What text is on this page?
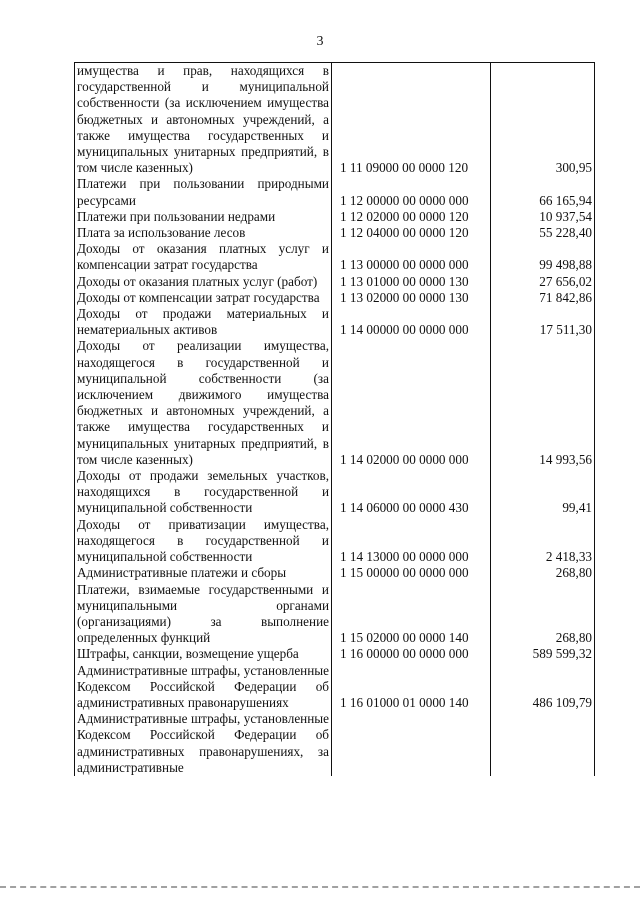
3
имущества и прав, находящихся в государственной и муниципальной собственности (за исключением имущества бюджетных и автономных учреждений, а также имущества государственных и муниципальных унитарных предприятий, в том числе казенных)	1 11 09000 00 0000 120	300,95
Платежи при пользовании природными ресурсами	1 12 00000 00 0000 000	66 165,94
Платежи при пользовании недрами	1 12 02000 00 0000 120	10 937,54
Плата за использование лесов	1 12 04000 00 0000 120	55 228,40
Доходы от оказания платных услуг и компенсации затрат государства	1 13 00000 00 0000 000	99 498,88
Доходы от оказания платных услуг (работ)	1 13 01000 00 0000 130	27 656,02
Доходы от компенсации затрат государства	1 13 02000 00 0000 130	71 842,86
Доходы от продажи материальных и нематериальных активов	1 14 00000 00 0000 000	17 511,30
Доходы от реализации имущества, находящегося в государственной и муниципальной собственности (за исключением движимого имущества бюджетных и автономных учреждений, а также имущества государственных и муниципальных унитарных предприятий, в том числе казенных)	1 14 02000 00 0000 000	14 993,56
Доходы от продажи земельных участков, находящихся в государственной и муниципальной собственности	1 14 06000 00 0000 430	99,41
Доходы от приватизации имущества, находящегося в государственной и муниципальной собственности	1 14 13000 00 0000 000	2 418,33
Административные платежи и сборы	1 15 00000 00 0000 000	268,80
Платежи, взимаемые государственными и муниципальными органами (организациями) за выполнение определенных функций	1 15 02000 00 0000 140	268,80
Штрафы, санкции, возмещение ущерба	1 16 00000 00 0000 000	589 599,32
Административные штрафы, установленные Кодексом Российской Федерации об административных правонарушениях	1 16 01000 01 0000 140	486 109,79
Административные штрафы, установленные Кодексом Российской Федерации об административных правонарушениях, за административные		
